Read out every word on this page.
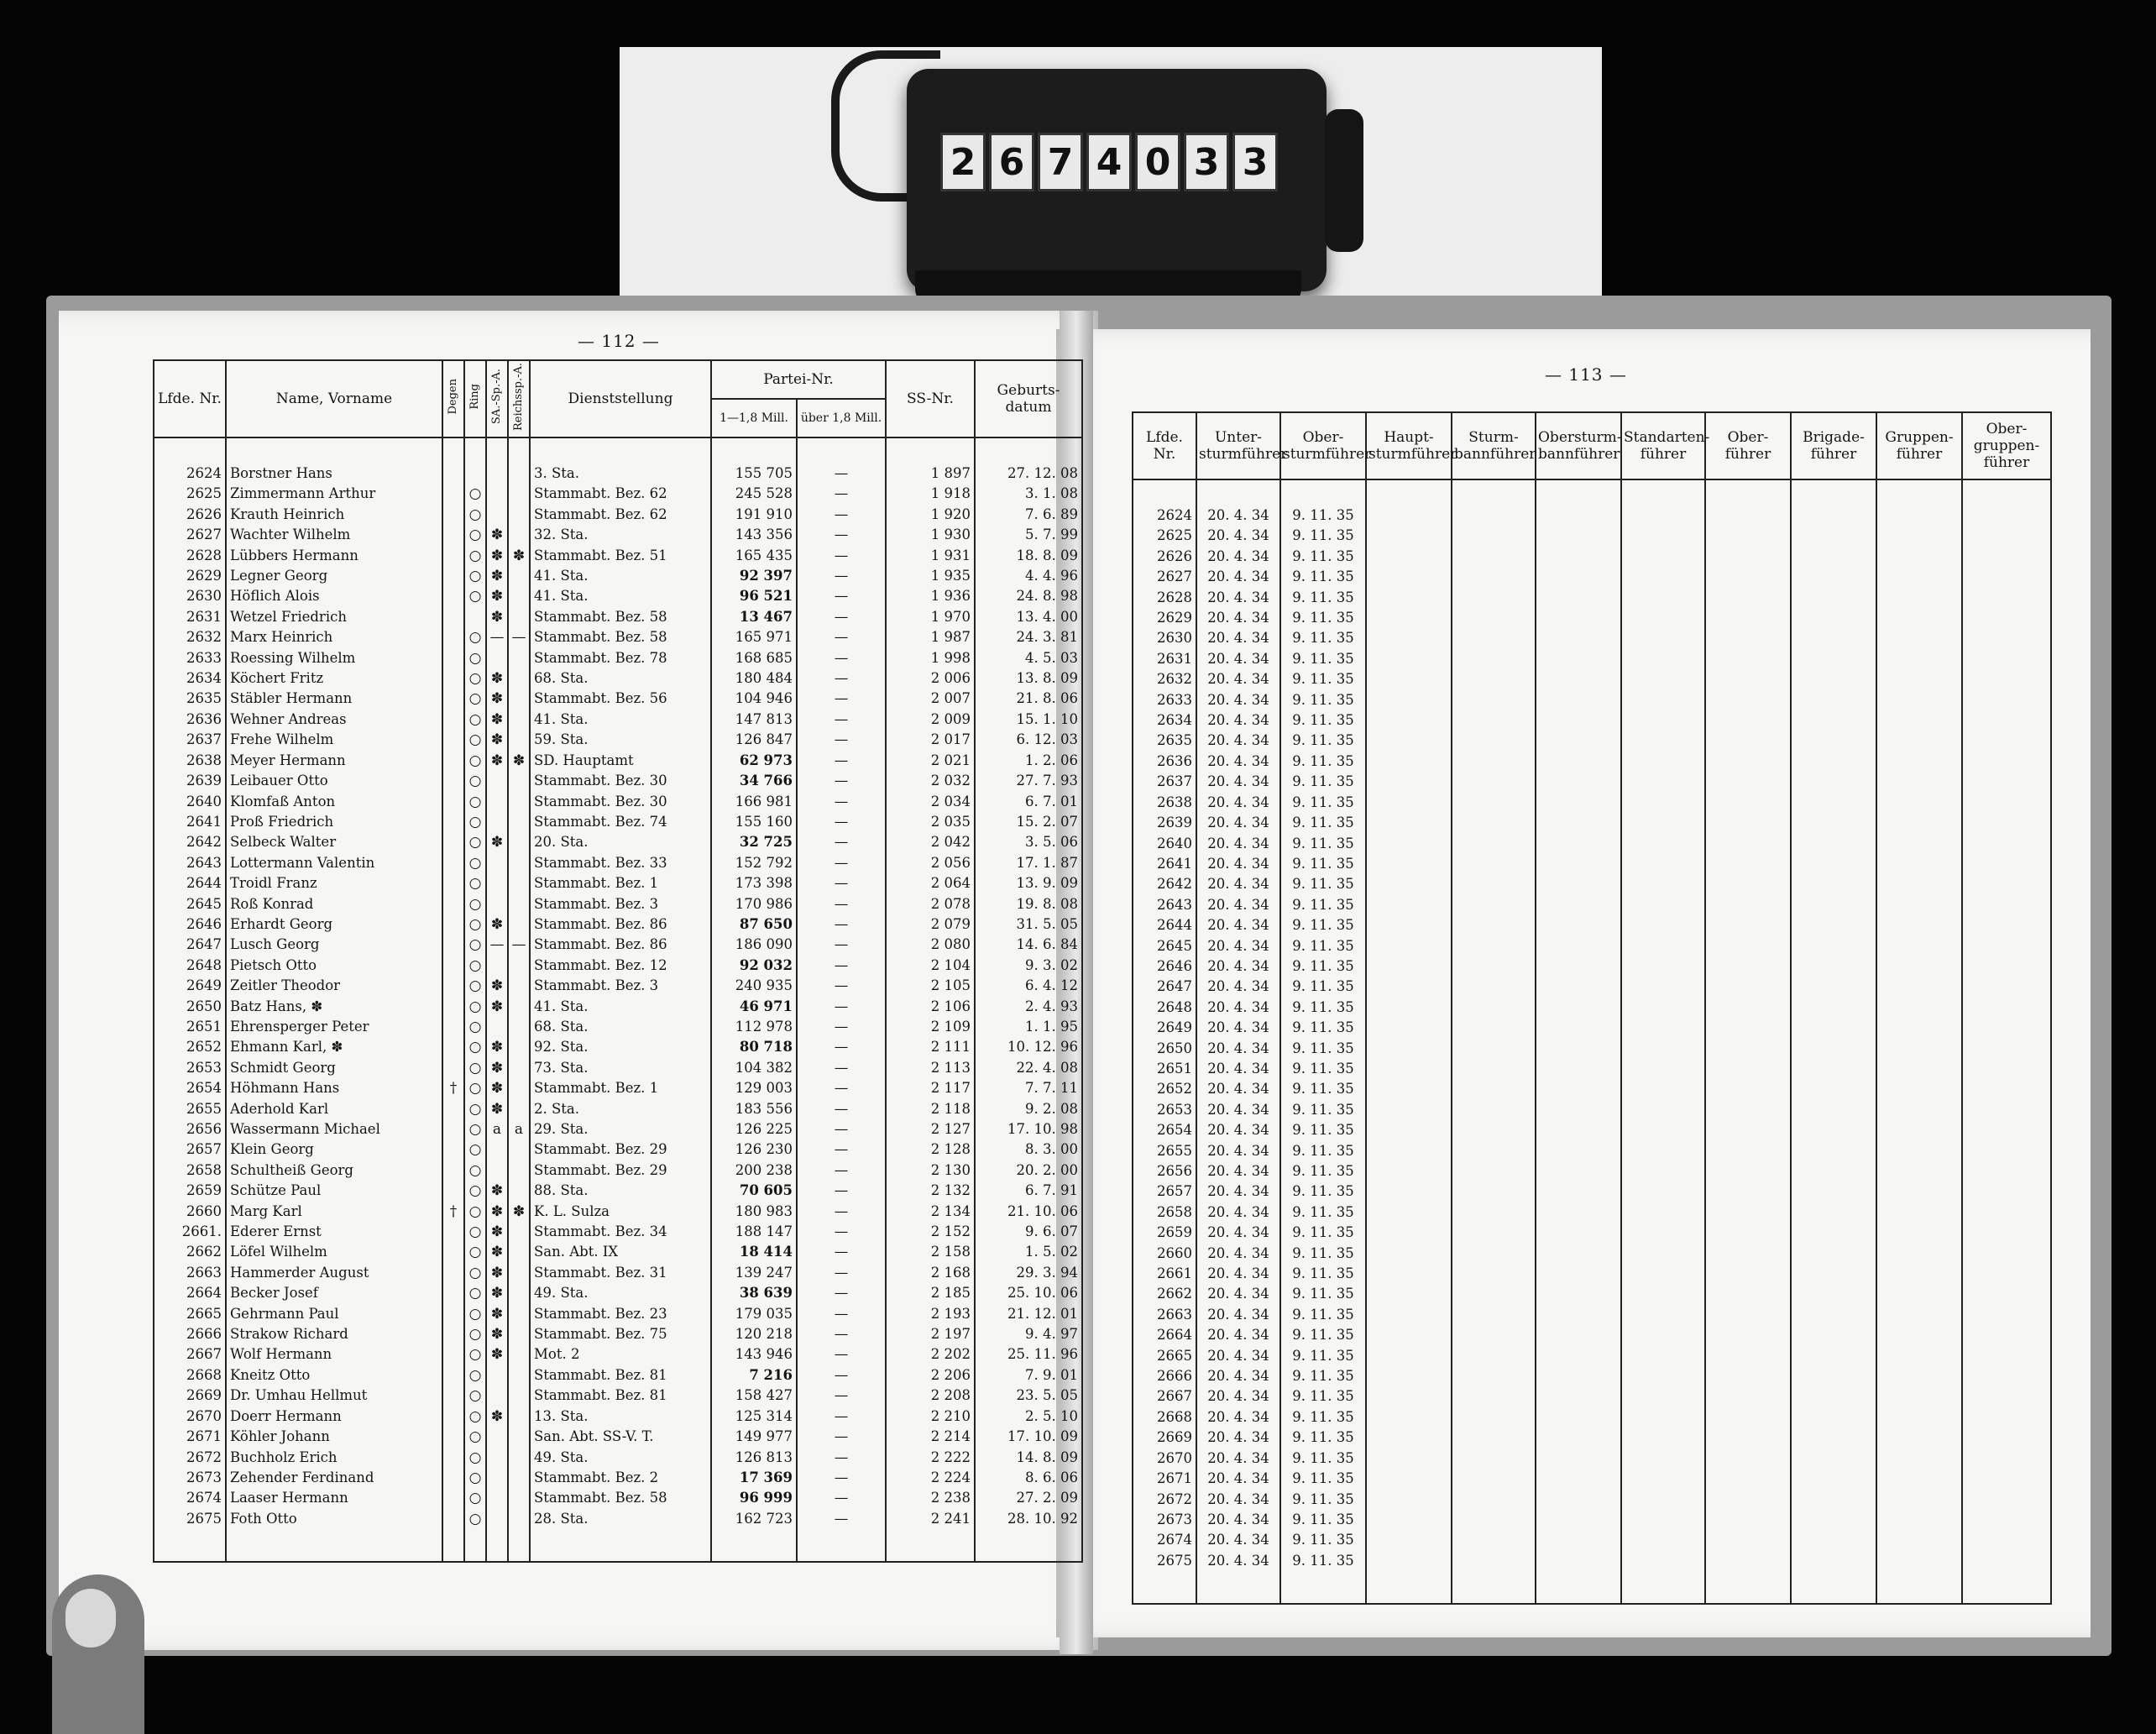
2 6 7 4 0 3 3
— 112 —
— 113 —
Lfde. Nr.	Name, Vorname	Degen	Ring	SA.-Sp.-A.	Reichssp.-A.	Dienststellung	Partei-Nr.		SS-Nr.	Geburts-datum
							1—1,8 Mill.	über 1,8 Mill.		

2624	Borstner Hans					3. Sta.	155 705	—	1 897	27. 12. 08
2625	Zimmermann Arthur		○			Stammabt. Bez. 62	245 528	—	1 918	3. 1. 08
2626	Krauth Heinrich		○			Stammabt. Bez. 62	191 910	—	1 920	7. 6. 89
2627	Wachter Wilhelm		○	✽		32. Sta.	143 356	—	1 930	5. 7. 99
2628	Lübbers Hermann		○	✽	✽	Stammabt. Bez. 51	165 435	—	1 931	18. 8. 09
2629	Legner Georg		○	✽		41. Sta.	92 397	—	1 935	4. 4. 96
2630	Höflich Alois		○	✽		41. Sta.	96 521	—	1 936	24. 8. 98
2631	Wetzel Friedrich			✽		Stammabt. Bez. 58	13 467	—	1 970	13. 4. 00
2632	Marx Heinrich		○	—	—	Stammabt. Bez. 58	165 971	—	1 987	24. 3. 81
2633	Roessing Wilhelm		○			Stammabt. Bez. 78	168 685	—	1 998	4. 5. 03
2634	Köchert Fritz		○	✽		68. Sta.	180 484	—	2 006	13. 8. 09
2635	Stäbler Hermann		○	✽		Stammabt. Bez. 56	104 946	—	2 007	21. 8. 06
2636	Wehner Andreas		○	✽		41. Sta.	147 813	—	2 009	15. 1. 10
2637	Frehe Wilhelm		○	✽		59. Sta.	126 847	—	2 017	6. 12. 03
2638	Meyer Hermann		○	✽	✽	SD. Hauptamt	62 973	—	2 021	1. 2. 06
2639	Leibauer Otto		○			Stammabt. Bez. 30	34 766	—	2 032	27. 7. 93
2640	Klomfaß Anton		○			Stammabt. Bez. 30	166 981	—	2 034	6. 7. 01
2641	Proß Friedrich		○			Stammabt. Bez. 74	155 160	—	2 035	15. 2. 07
2642	Selbeck Walter		○	✽		20. Sta.	32 725	—	2 042	3. 5. 06
2643	Lottermann Valentin		○			Stammabt. Bez. 33	152 792	—	2 056	17. 1. 87
2644	Troidl Franz		○			Stammabt. Bez. 1	173 398	—	2 064	13. 9. 09
2645	Roß Konrad		○			Stammabt. Bez. 3	170 986	—	2 078	19. 8. 08
2646	Erhardt Georg		○	✽		Stammabt. Bez. 86	87 650	—	2 079	31. 5. 05
2647	Lusch Georg		○	—	—	Stammabt. Bez. 86	186 090	—	2 080	14. 6. 84
2648	Pietsch Otto		○			Stammabt. Bez. 12	92 032	—	2 104	9. 3. 02
2649	Zeitler Theodor		○	✽		Stammabt. Bez. 3	240 935	—	2 105	6. 4. 12
2650	Batz Hans, ✽		○	✽		41. Sta.	46 971	—	2 106	2. 4. 93
2651	Ehrensperger Peter		○			68. Sta.	112 978	—	2 109	1. 1. 95
2652	Ehmann Karl, ✽		○	✽		92. Sta.	80 718	—	2 111	10. 12. 96
2653	Schmidt Georg		○	✽		73. Sta.	104 382	—	2 113	22. 4. 08
2654	Höhmann Hans	†	○	✽		Stammabt. Bez. 1	129 003	—	2 117	7. 7. 11
2655	Aderhold Karl		○	✽		2. Sta.	183 556	—	2 118	9. 2. 08
2656	Wassermann Michael		○	a	a	29. Sta.	126 225	—	2 127	17. 10. 98
2657	Klein Georg		○			Stammabt. Bez. 29	126 230	—	2 128	8. 3. 00
2658	Schultheiß Georg		○			Stammabt. Bez. 29	200 238	—	2 130	20. 2. 00
2659	Schütze Paul		○	✽		88. Sta.	70 605	—	2 132	6. 7. 91
2660	Marg Karl	†	○	✽	✽	K. L. Sulza	180 983	—	2 134	21. 10. 06
2661.	Ederer Ernst		○	✽		Stammabt. Bez. 34	188 147	—	2 152	9. 6. 07
2662	Löfel Wilhelm		○	✽		San. Abt. IX	18 414	—	2 158	1. 5. 02
2663	Hammerder August		○	✽		Stammabt. Bez. 31	139 247	—	2 168	29. 3. 94
2664	Becker Josef		○	✽		49. Sta.	38 639	—	2 185	25. 10. 06
2665	Gehrmann Paul		○	✽		Stammabt. Bez. 23	179 035	—	2 193	21. 12. 01
2666	Strakow Richard		○	✽		Stammabt. Bez. 75	120 218	—	2 197	9. 4. 97
2667	Wolf Hermann		○	✽		Mot. 2	143 946	—	2 202	25. 11. 96
2668	Kneitz Otto		○			Stammabt. Bez. 81	7 216	—	2 206	7. 9. 01
2669	Dr. Umhau Hellmut		○			Stammabt. Bez. 81	158 427	—	2 208	23. 5. 05
2670	Doerr Hermann		○	✽		13. Sta.	125 314	—	2 210	2. 5. 10
2671	Köhler Johann		○			San. Abt. SS-V. T.	149 977	—	2 214	17. 10. 09
2672	Buchholz Erich		○			49. Sta.	126 813	—	2 222	14. 8. 09
2673	Zehender Ferdinand		○			Stammabt. Bez. 2	17 369	—	2 224	8. 6. 06
2674	Laaser Hermann		○			Stammabt. Bez. 58	96 999	—	2 238	27. 2. 09
2675	Foth Otto		○			28. Sta.	162 723	—	2 241	28. 10. 92

Lfde. Nr.	Unter-sturmführer	Ober-sturmführer	Haupt-sturmführer	Sturm-bannführer	Obersturm-bannführer	Standarten-führer	Ober-führer	Brigade-führer	Gruppen-führer	Ober-gruppen-führer

2624	20. 4. 34	9. 11. 35								
2625	20. 4. 34	9. 11. 35								
2626	20. 4. 34	9. 11. 35								
2627	20. 4. 34	9. 11. 35								
2628	20. 4. 34	9. 11. 35								
2629	20. 4. 34	9. 11. 35								
2630	20. 4. 34	9. 11. 35								
2631	20. 4. 34	9. 11. 35								
2632	20. 4. 34	9. 11. 35								
2633	20. 4. 34	9. 11. 35								
2634	20. 4. 34	9. 11. 35								
2635	20. 4. 34	9. 11. 35								
2636	20. 4. 34	9. 11. 35								
2637	20. 4. 34	9. 11. 35								
2638	20. 4. 34	9. 11. 35								
2639	20. 4. 34	9. 11. 35								
2640	20. 4. 34	9. 11. 35								
2641	20. 4. 34	9. 11. 35								
2642	20. 4. 34	9. 11. 35								
2643	20. 4. 34	9. 11. 35								
2644	20. 4. 34	9. 11. 35								
2645	20. 4. 34	9. 11. 35								
2646	20. 4. 34	9. 11. 35								
2647	20. 4. 34	9. 11. 35								
2648	20. 4. 34	9. 11. 35								
2649	20. 4. 34	9. 11. 35								
2650	20. 4. 34	9. 11. 35								
2651	20. 4. 34	9. 11. 35								
2652	20. 4. 34	9. 11. 35								
2653	20. 4. 34	9. 11. 35								
2654	20. 4. 34	9. 11. 35								
2655	20. 4. 34	9. 11. 35								
2656	20. 4. 34	9. 11. 35								
2657	20. 4. 34	9. 11. 35								
2658	20. 4. 34	9. 11. 35								
2659	20. 4. 34	9. 11. 35								
2660	20. 4. 34	9. 11. 35								
2661	20. 4. 34	9. 11. 35								
2662	20. 4. 34	9. 11. 35								
2663	20. 4. 34	9. 11. 35								
2664	20. 4. 34	9. 11. 35								
2665	20. 4. 34	9. 11. 35								
2666	20. 4. 34	9. 11. 35								
2667	20. 4. 34	9. 11. 35								
2668	20. 4. 34	9. 11. 35								
2669	20. 4. 34	9. 11. 35								
2670	20. 4. 34	9. 11. 35								
2671	20. 4. 34	9. 11. 35								
2672	20. 4. 34	9. 11. 35								
2673	20. 4. 34	9. 11. 35								
2674	20. 4. 34	9. 11. 35								
2675	20. 4. 34	9. 11. 35								
